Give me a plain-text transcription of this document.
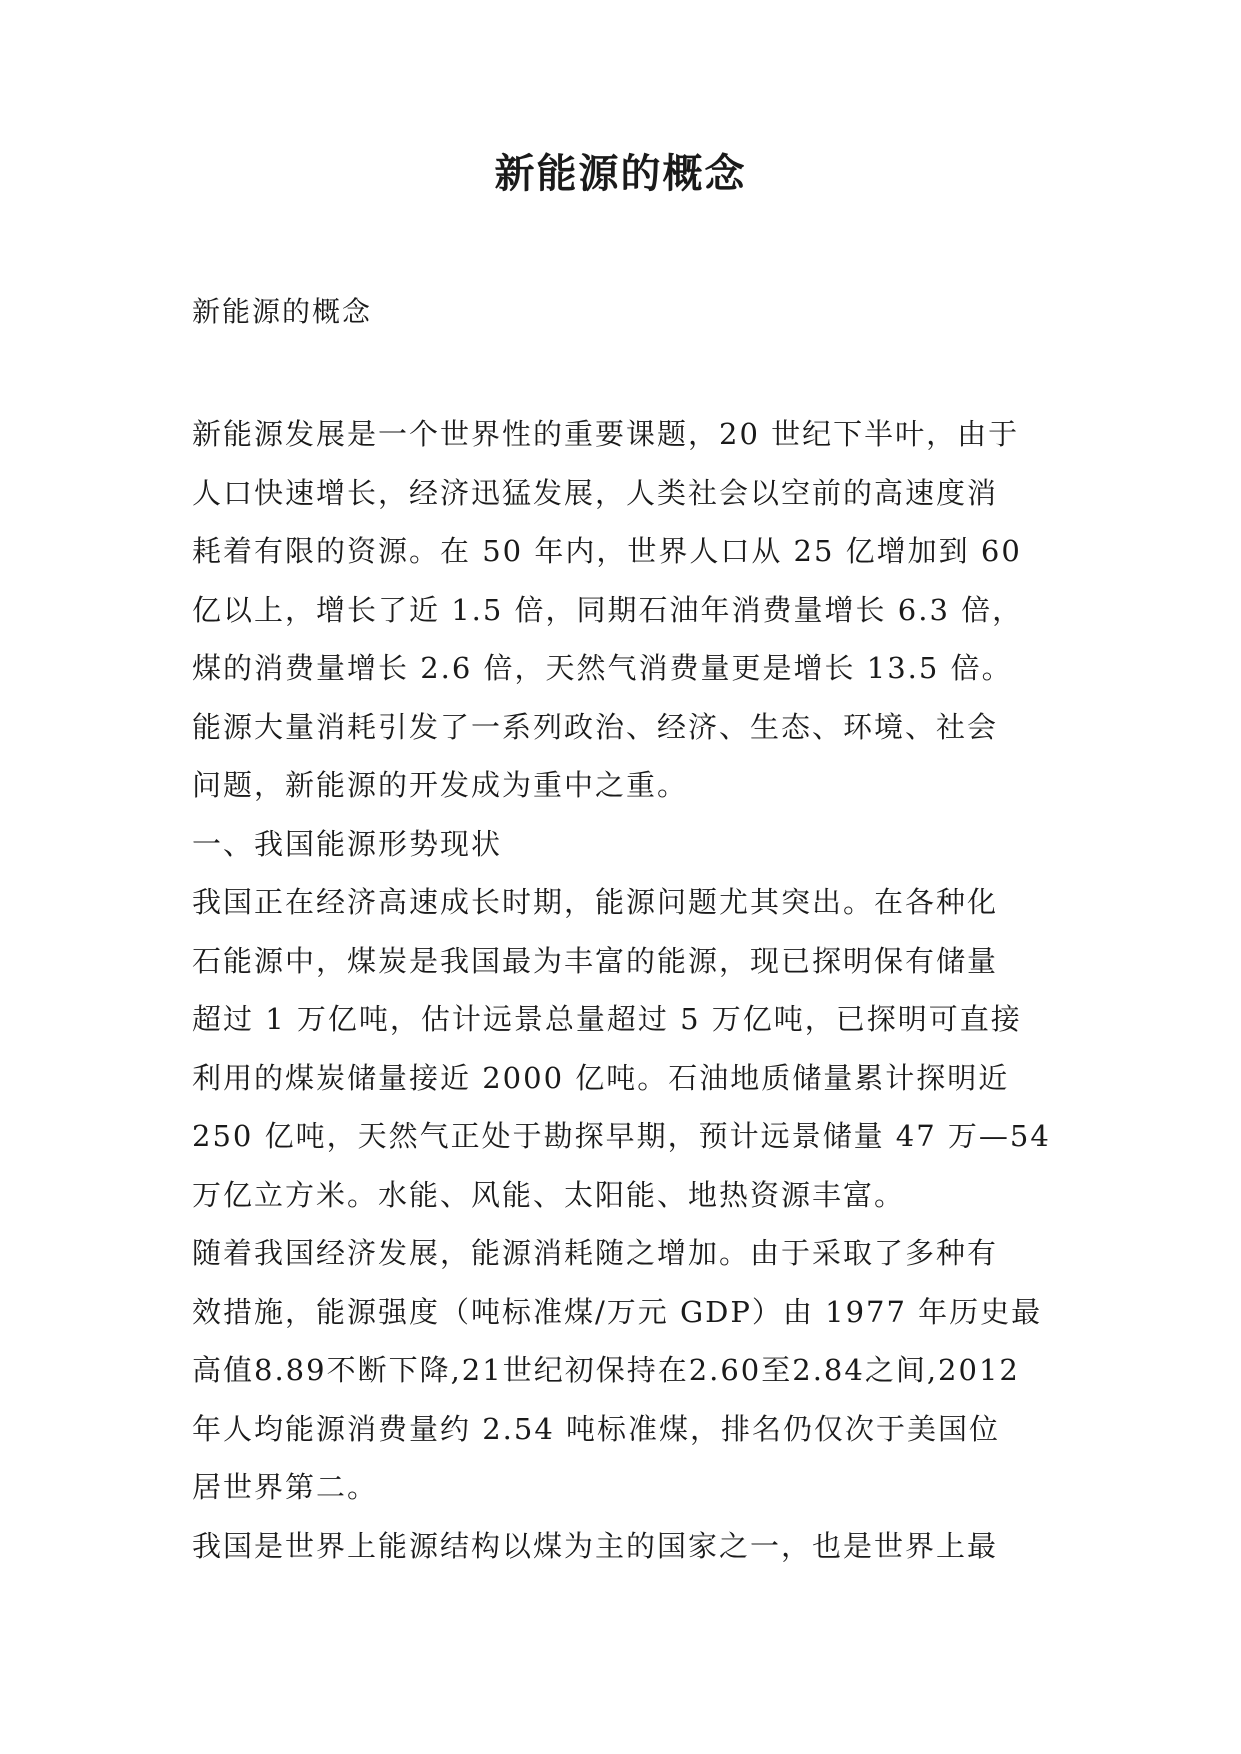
新能源的概念
新能源的概念
新能源发展是一个世界性的重要课题，20 世纪下半叶，由于
人口快速增长，经济迅猛发展，人类社会以空前的高速度消
耗着有限的资源。在 50 年内，世界人口从 25 亿增加到 60
亿以上，增长了近 1.5 倍，同期石油年消费量增长 6.3 倍，
煤的消费量增长 2.6 倍，天然气消费量更是增长 13.5 倍。
能源大量消耗引发了一系列政治、经济、生态、环境、社会
问题，新能源的开发成为重中之重。
一、我国能源形势现状
我国正在经济高速成长时期，能源问题尤其突出。在各种化
石能源中，煤炭是我国最为丰富的能源，现已探明保有储量
超过 1 万亿吨，估计远景总量超过 5 万亿吨，已探明可直接
利用的煤炭储量接近 2000 亿吨。石油地质储量累计探明近
250 亿吨，天然气正处于勘探早期，预计远景储量 47 万—54
万亿立方米。水能、风能、太阳能、地热资源丰富。
随着我国经济发展，能源消耗随之增加。由于采取了多种有
效措施，能源强度（吨标准煤/万元 GDP）由 1977 年历史最
高值8.89不断下降,21世纪初保持在2.60至2.84之间,2012
年人均能源消费量约 2.54 吨标准煤，排名仍仅次于美国位
居世界第二。
我国是世界上能源结构以煤为主的国家之一，也是世界上最
